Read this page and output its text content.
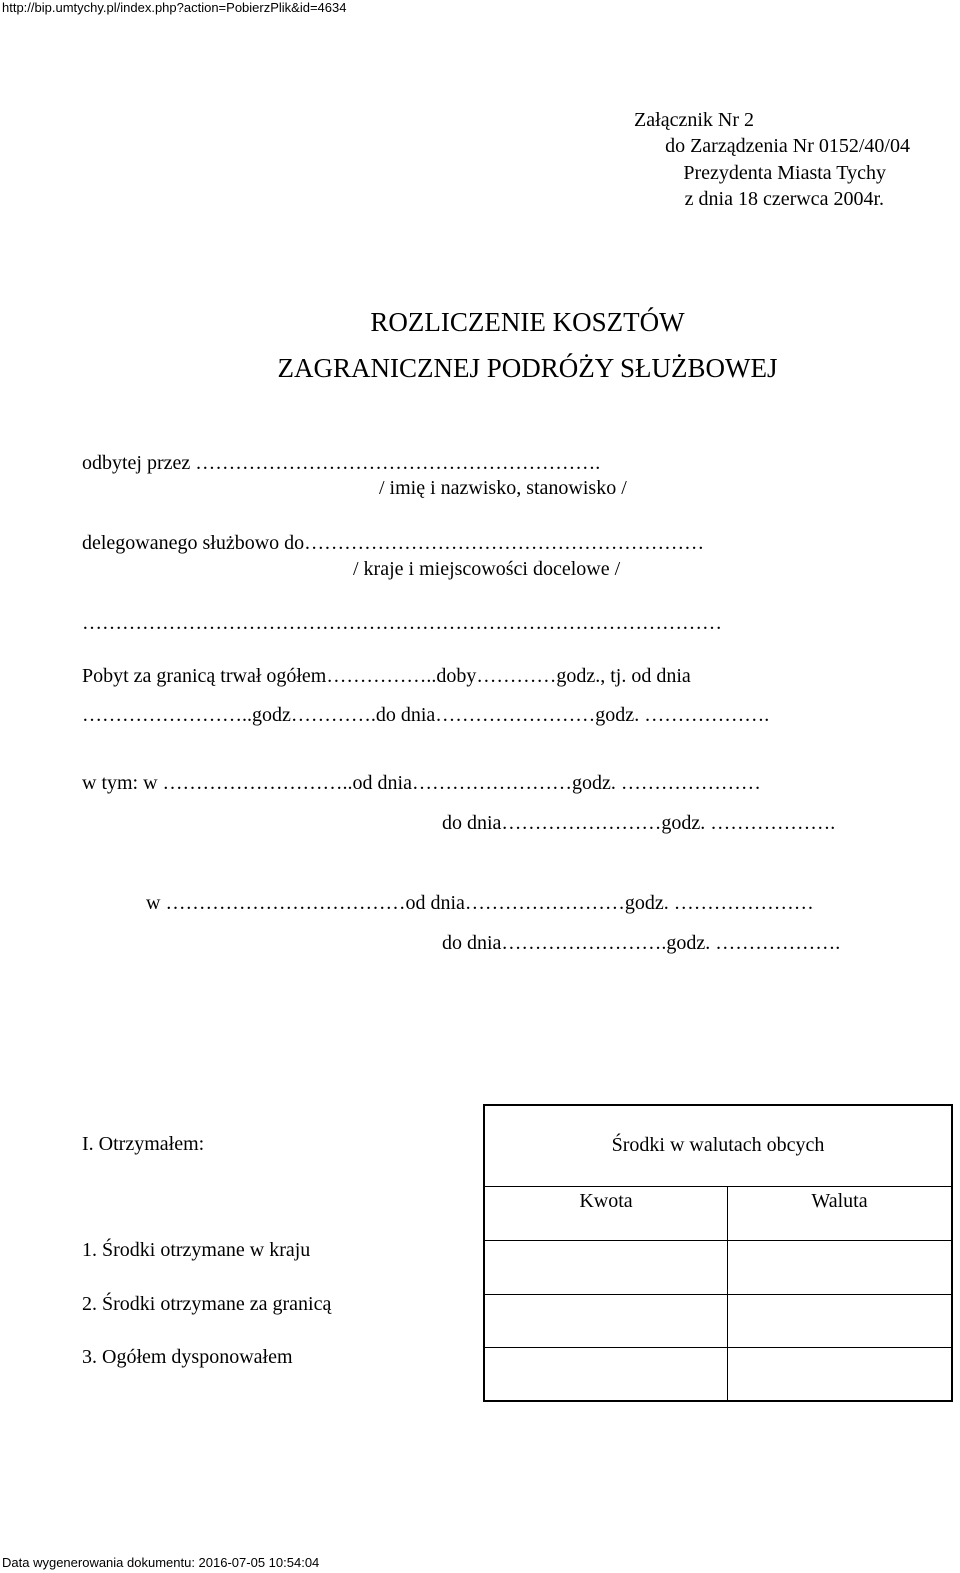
http://bip.umtychy.pl/index.php?action=PobierzPlik&id=4634
Data wygenerowania dokumentu: 2016-07-05 10:54:04
Załącznik Nr 2
do Zarządzenia Nr 0152/40/04
Prezydenta Miasta Tychy
z dnia 18 czerwca 2004r.
ROZLICZENIE KOSZTÓW
ZAGRANICZNEJ PODRÓŻY SŁUŻBOWEJ
odbytej przez …………………………………………………….
/ imię i nazwisko, stanowisko /
delegowanego służbowo do……………………………………………………
/ kraje i miejscowości docelowe /
……………………………………………………………………………………
Pobyt za granicą trwał ogółem……………..doby…………godz., tj. od dnia
……………………..godz………….do dnia……………………godz. ……………….
w tym: w ………………………..od dnia……………………godz. …………………
do dnia……………………godz. ……………….
w ………………………………od dnia……………………godz. …………………
do dnia…………………….godz. ……………….
I. Otrzymałem:
1. Środki otrzymane w kraju
2. Środki otrzymane za granicą
3. Ogółem dysponowałem
Środki w walutach obcych
Kwota	Waluta
